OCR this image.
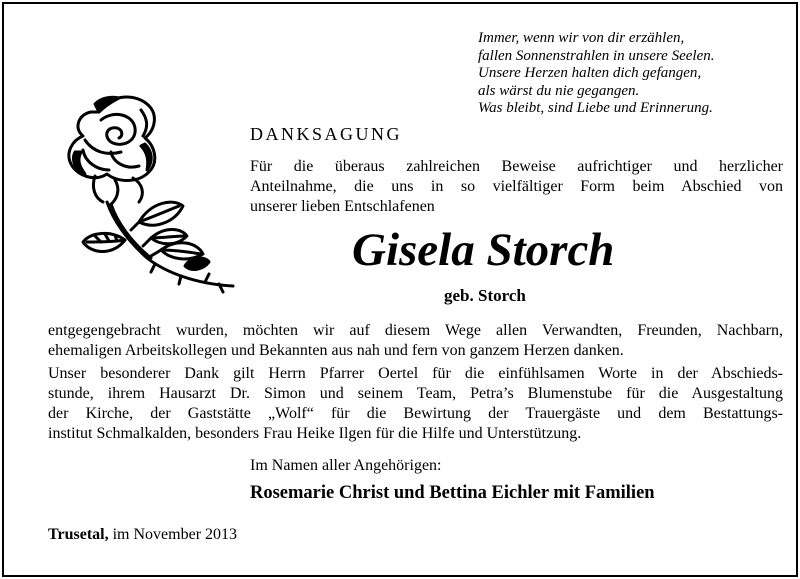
Immer, wenn wir von dir erzählen,
fallen Sonnenstrahlen in unsere Seelen.
Unsere Herzen halten dich gefangen,
als wärst du nie gegangen.
Was bleibt, sind Liebe und Erinnerung.
DANKSAGUNG
Für die überaus zahlreichen Beweise aufrichtiger und herzlicher
Anteilnahme, die uns in so vielfältiger Form beim Abschied von
unserer lieben Entschlafenen
Gisela Storch
geb. Storch
entgegengebracht wurden, möchten wir auf diesem Wege allen Verwandten, Freunden, Nachbarn,
ehemaligen Arbeitskollegen und Bekannten aus nah und fern von ganzem Herzen danken.
Unser besonderer Dank gilt Herrn Pfarrer Oertel für die einfühlsamen Worte in der Abschieds-
stunde, ihrem Hausarzt Dr. Simon und seinem Team, Petra’s Blumenstube für die Ausgestaltung
der Kirche, der Gaststätte „Wolf“ für die Bewirtung der Trauergäste und dem Bestattungs-
institut Schmalkalden, besonders Frau Heike Ilgen für die Hilfe und Unterstützung.
Im Namen aller Angehörigen:
Rosemarie Christ und Bettina Eichler mit Familien
Trusetal, im November 2013
